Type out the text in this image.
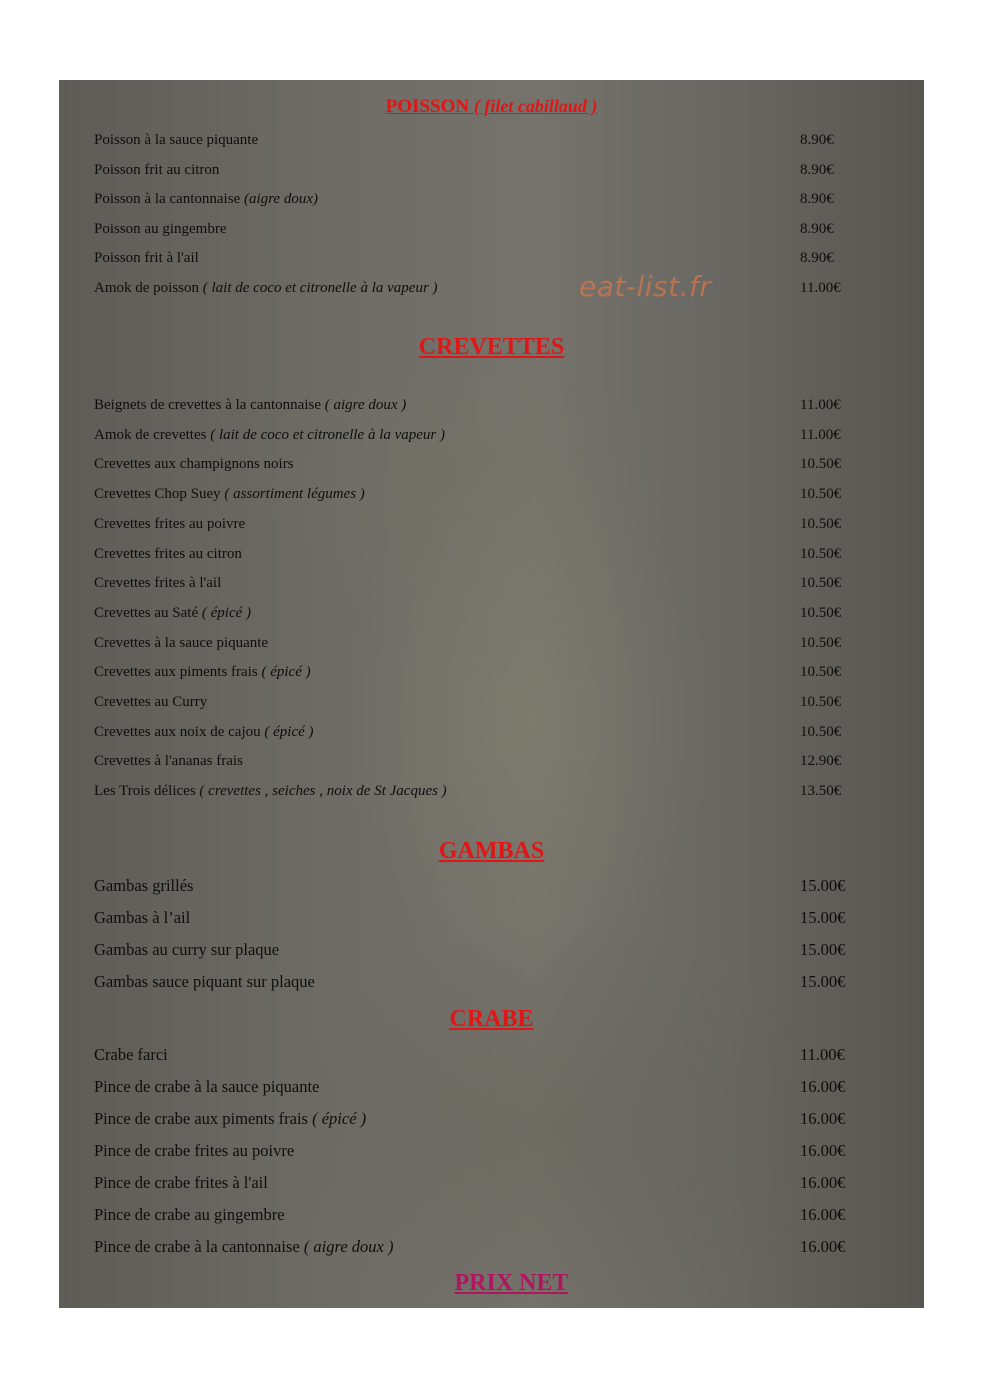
eat-list.fr
POISSON ( filet cabillaud )
Poisson à la sauce piquante	8.90€
Poisson frit au citron	8.90€
Poisson à la cantonnaise (aigre doux)	8.90€
Poisson au gingembre	8.90€
Poisson frit à l'ail	8.90€
Amok de poisson ( lait de coco et citronelle à la vapeur )	11.00€
CREVETTES
Beignets de crevettes à la cantonnaise ( aigre doux )	11.00€
Amok de crevettes ( lait de coco et citronelle à la vapeur )	11.00€
Crevettes aux champignons noirs	10.50€
Crevettes Chop Suey ( assortiment légumes )	10.50€
Crevettes frites au poivre	10.50€
Crevettes frites au citron	10.50€
Crevettes frites à l'ail	10.50€
Crevettes au Saté ( épicé )	10.50€
Crevettes à la sauce piquante	10.50€
Crevettes aux piments frais ( épicé )	10.50€
Crevettes au Curry	10.50€
Crevettes aux noix de cajou ( épicé )	10.50€
Crevettes à l'ananas frais	12.90€
Les Trois délices ( crevettes , seiches , noix de St Jacques )	13.50€
GAMBAS
Gambas grillés	15.00€
Gambas à l’ail	15.00€
Gambas au curry sur plaque	15.00€
Gambas sauce piquant sur plaque	15.00€
CRABE
Crabe farci	11.00€
Pince de crabe à la sauce piquante	16.00€
Pince de crabe aux piments frais ( épicé )	16.00€
Pince de crabe frites au poivre	16.00€
Pince de crabe frites à l'ail	16.00€
Pince de crabe au gingembre	16.00€
Pince de crabe à la cantonnaise ( aigre doux )	16.00€
PRIX NET
